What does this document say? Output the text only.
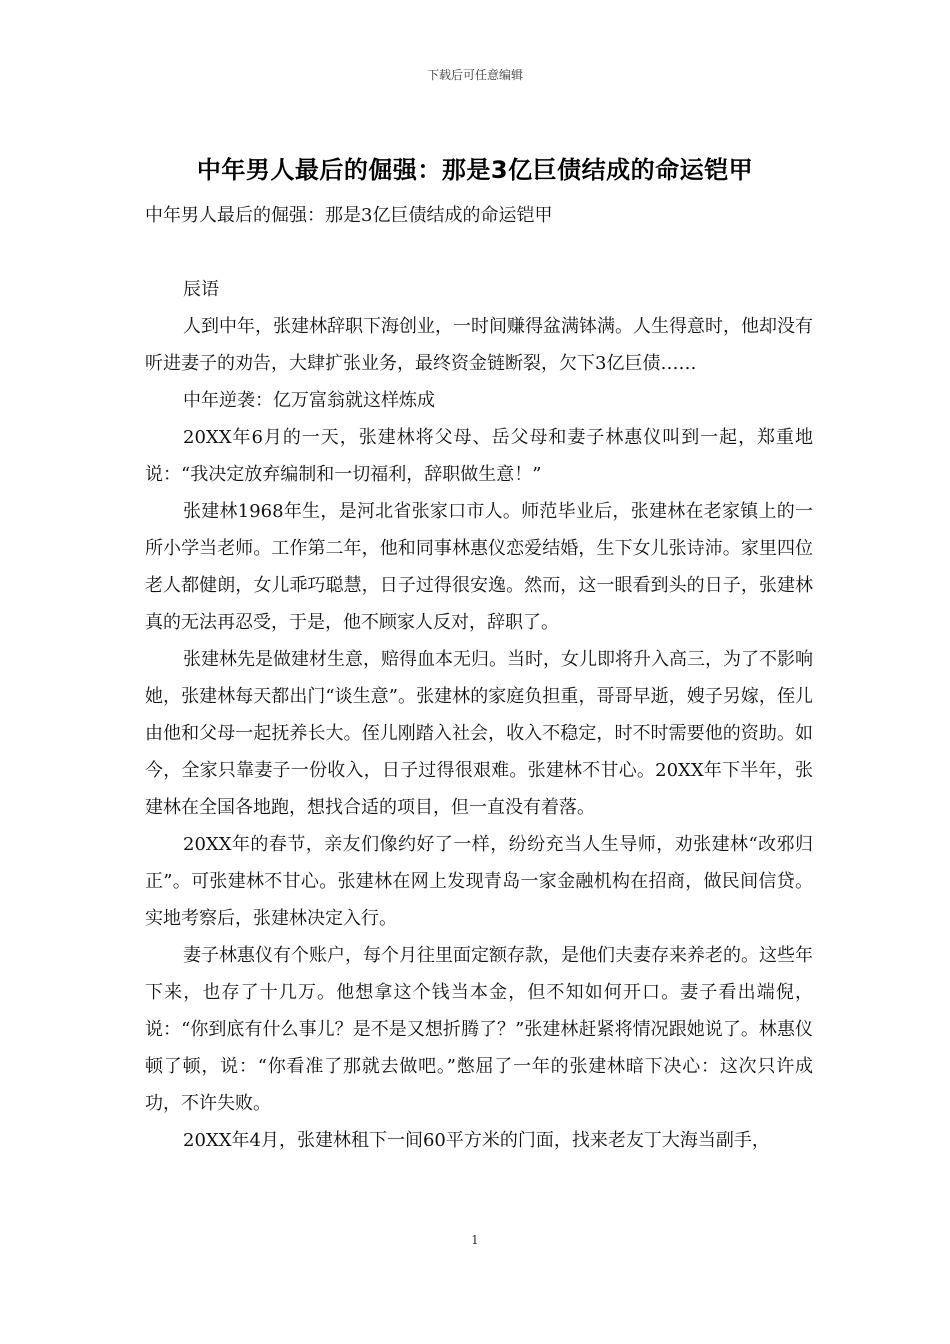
下载后可任意编辑
中年男人最后的倔强：那是3亿巨债结成的命运铠甲

中年男人最后的倔强：那是3亿巨债结成的命运铠甲

辰语

人到中年，张建林辞职下海创业，一时间赚得盆满钵满。人生得意时，他却没有听进妻子的劝告，大肆扩张业务，最终资金链断裂，欠下3亿巨债……

中年逆袭：亿万富翁就这样炼成

20XX年6月的一天，张建林将父母、岳父母和妻子林惠仪叫到一起，郑重地说：“我决定放弃编制和一切福利，辞职做生意！”

张建林1968年生，是河北省张家口市人。师范毕业后，张建林在老家镇上的一所小学当老师。工作第二年，他和同事林惠仪恋爱结婚，生下女儿张诗沛。家里四位老人都健朗，女儿乖巧聪慧，日子过得很安逸。然而，这一眼看到头的日子，张建林真的无法再忍受，于是，他不顾家人反对，辞职了。

张建林先是做建材生意，赔得血本无归。当时，女儿即将升入高三，为了不影响她，张建林每天都出门“谈生意”。张建林的家庭负担重，哥哥早逝，嫂子另嫁，侄儿由他和父母一起抚养长大。侄儿刚踏入社会，收入不稳定，时不时需要他的资助。如今，全家只靠妻子一份收入，日子过得很艰难。张建林不甘心。20XX年下半年，张建林在全国各地跑，想找合适的项目，但一直没有着落。

20XX年的春节，亲友们像约好了一样，纷纷充当人生导师，劝张建林“改邪归正”。可张建林不甘心。张建林在网上发现青岛一家金融机构在招商，做民间信贷。实地考察后，张建林决定入行。

妻子林惠仪有个账户，每个月往里面定额存款，是他们夫妻存来养老的。这些年下来，也存了十几万。他想拿这个钱当本金，但不知如何开口。妻子看出端倪，说：“你到底有什么事儿？是不是又想折腾了？”张建林赶紧将情况跟她说了。林惠仪顿了顿，说：“你看准了那就去做吧。”憋屈了一年的张建林暗下决心：这次只许成功，不许失败。

20XX年4月，张建林租下一间60平方米的门面，找来老友丁大海当副手，

1
